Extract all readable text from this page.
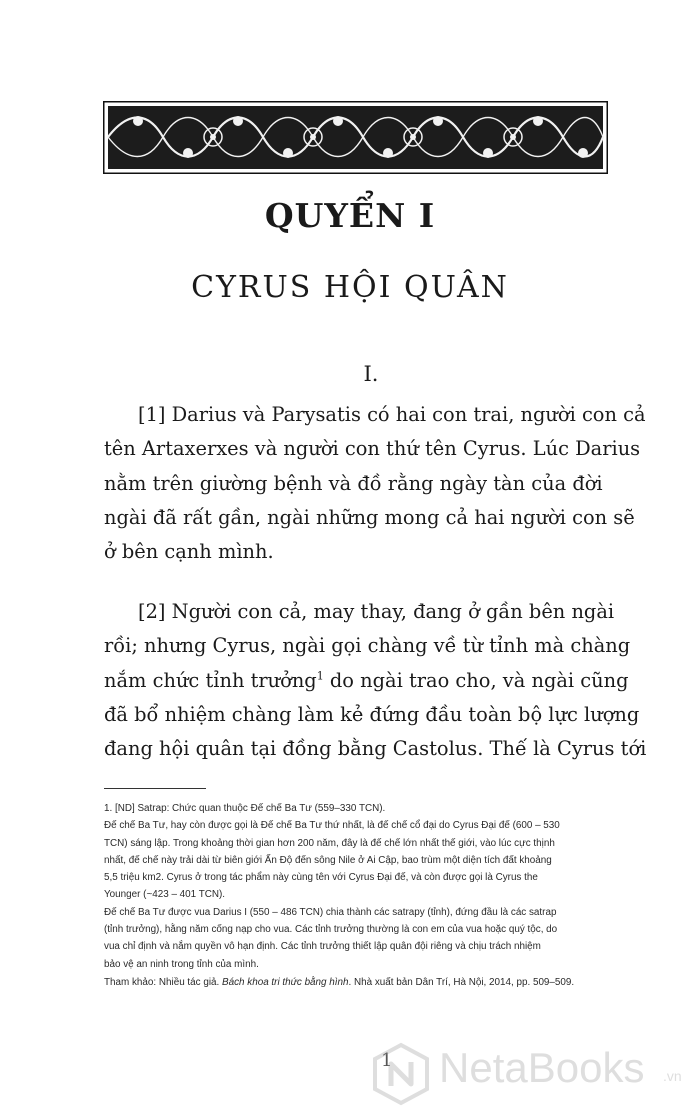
QUYỂN I
CYRUS HỘI QUÂN
I.

[1] Darius và Parysatis có hai con trai, người con cả
tên Artaxerxes và người con thứ tên Cyrus. Lúc Darius
nằm trên giường bệnh và đồ rằng ngày tàn của đời
ngài đã rất gần, ngài những mong cả hai người con sẽ
ở bên cạnh mình.

[2] Người con cả, may thay, đang ở gần bên ngài
rồi; nhưng Cyrus, ngài gọi chàng về từ tỉnh mà chàng
nắm chức tỉnh trưởng$^1$ do ngài trao cho, và ngài cũng
đã bổ nhiệm chàng làm kẻ đứng đầu toàn bộ lực lượng
đang hội quân tại đồng bằng Castolus. Thế là Cyrus tới

1. [ND] Satrap: Chức quan thuộc Đế chế Ba Tư (559–330 TCN).
Đế chế Ba Tư, hay còn được gọi là Đế chế Ba Tư thứ nhất, là đế chế cổ đại do Cyrus Đại đế (600 – 530
TCN) sáng lập. Trong khoảng thời gian hơn 200 năm, đây là đế chế lớn nhất thế giới, vào lúc cực thịnh
nhất, đế chế này trải dài từ biên giới Ấn Độ đến sông Nile ở Ai Cập, bao trùm một diện tích đất khoảng
5,5 triệu km2. Cyrus ở trong tác phẩm này cùng tên với Cyrus Đại đế, và còn được gọi là Cyrus the
Younger (~423 – 401 TCN).
Đế chế Ba Tư được vua Darius I (550 – 486 TCN) chia thành các satrapy (tỉnh), đứng đầu là các satrap
(tỉnh trưởng), hằng năm cống nạp cho vua. Các tỉnh trưởng thường là con em của vua hoặc quý tộc, do
vua chỉ định và nắm quyền vô hạn định. Các tỉnh trưởng thiết lập quân đội riêng và chịu trách nhiệm
bảo vệ an ninh trong tỉnh của mình.
Tham khảo: Nhiều tác giả. Bách khoa tri thức bằng hình. Nhà xuất bản Dân Trí, Hà Nội, 2014, pp. 509–509.
1 NetaBooks .vn
